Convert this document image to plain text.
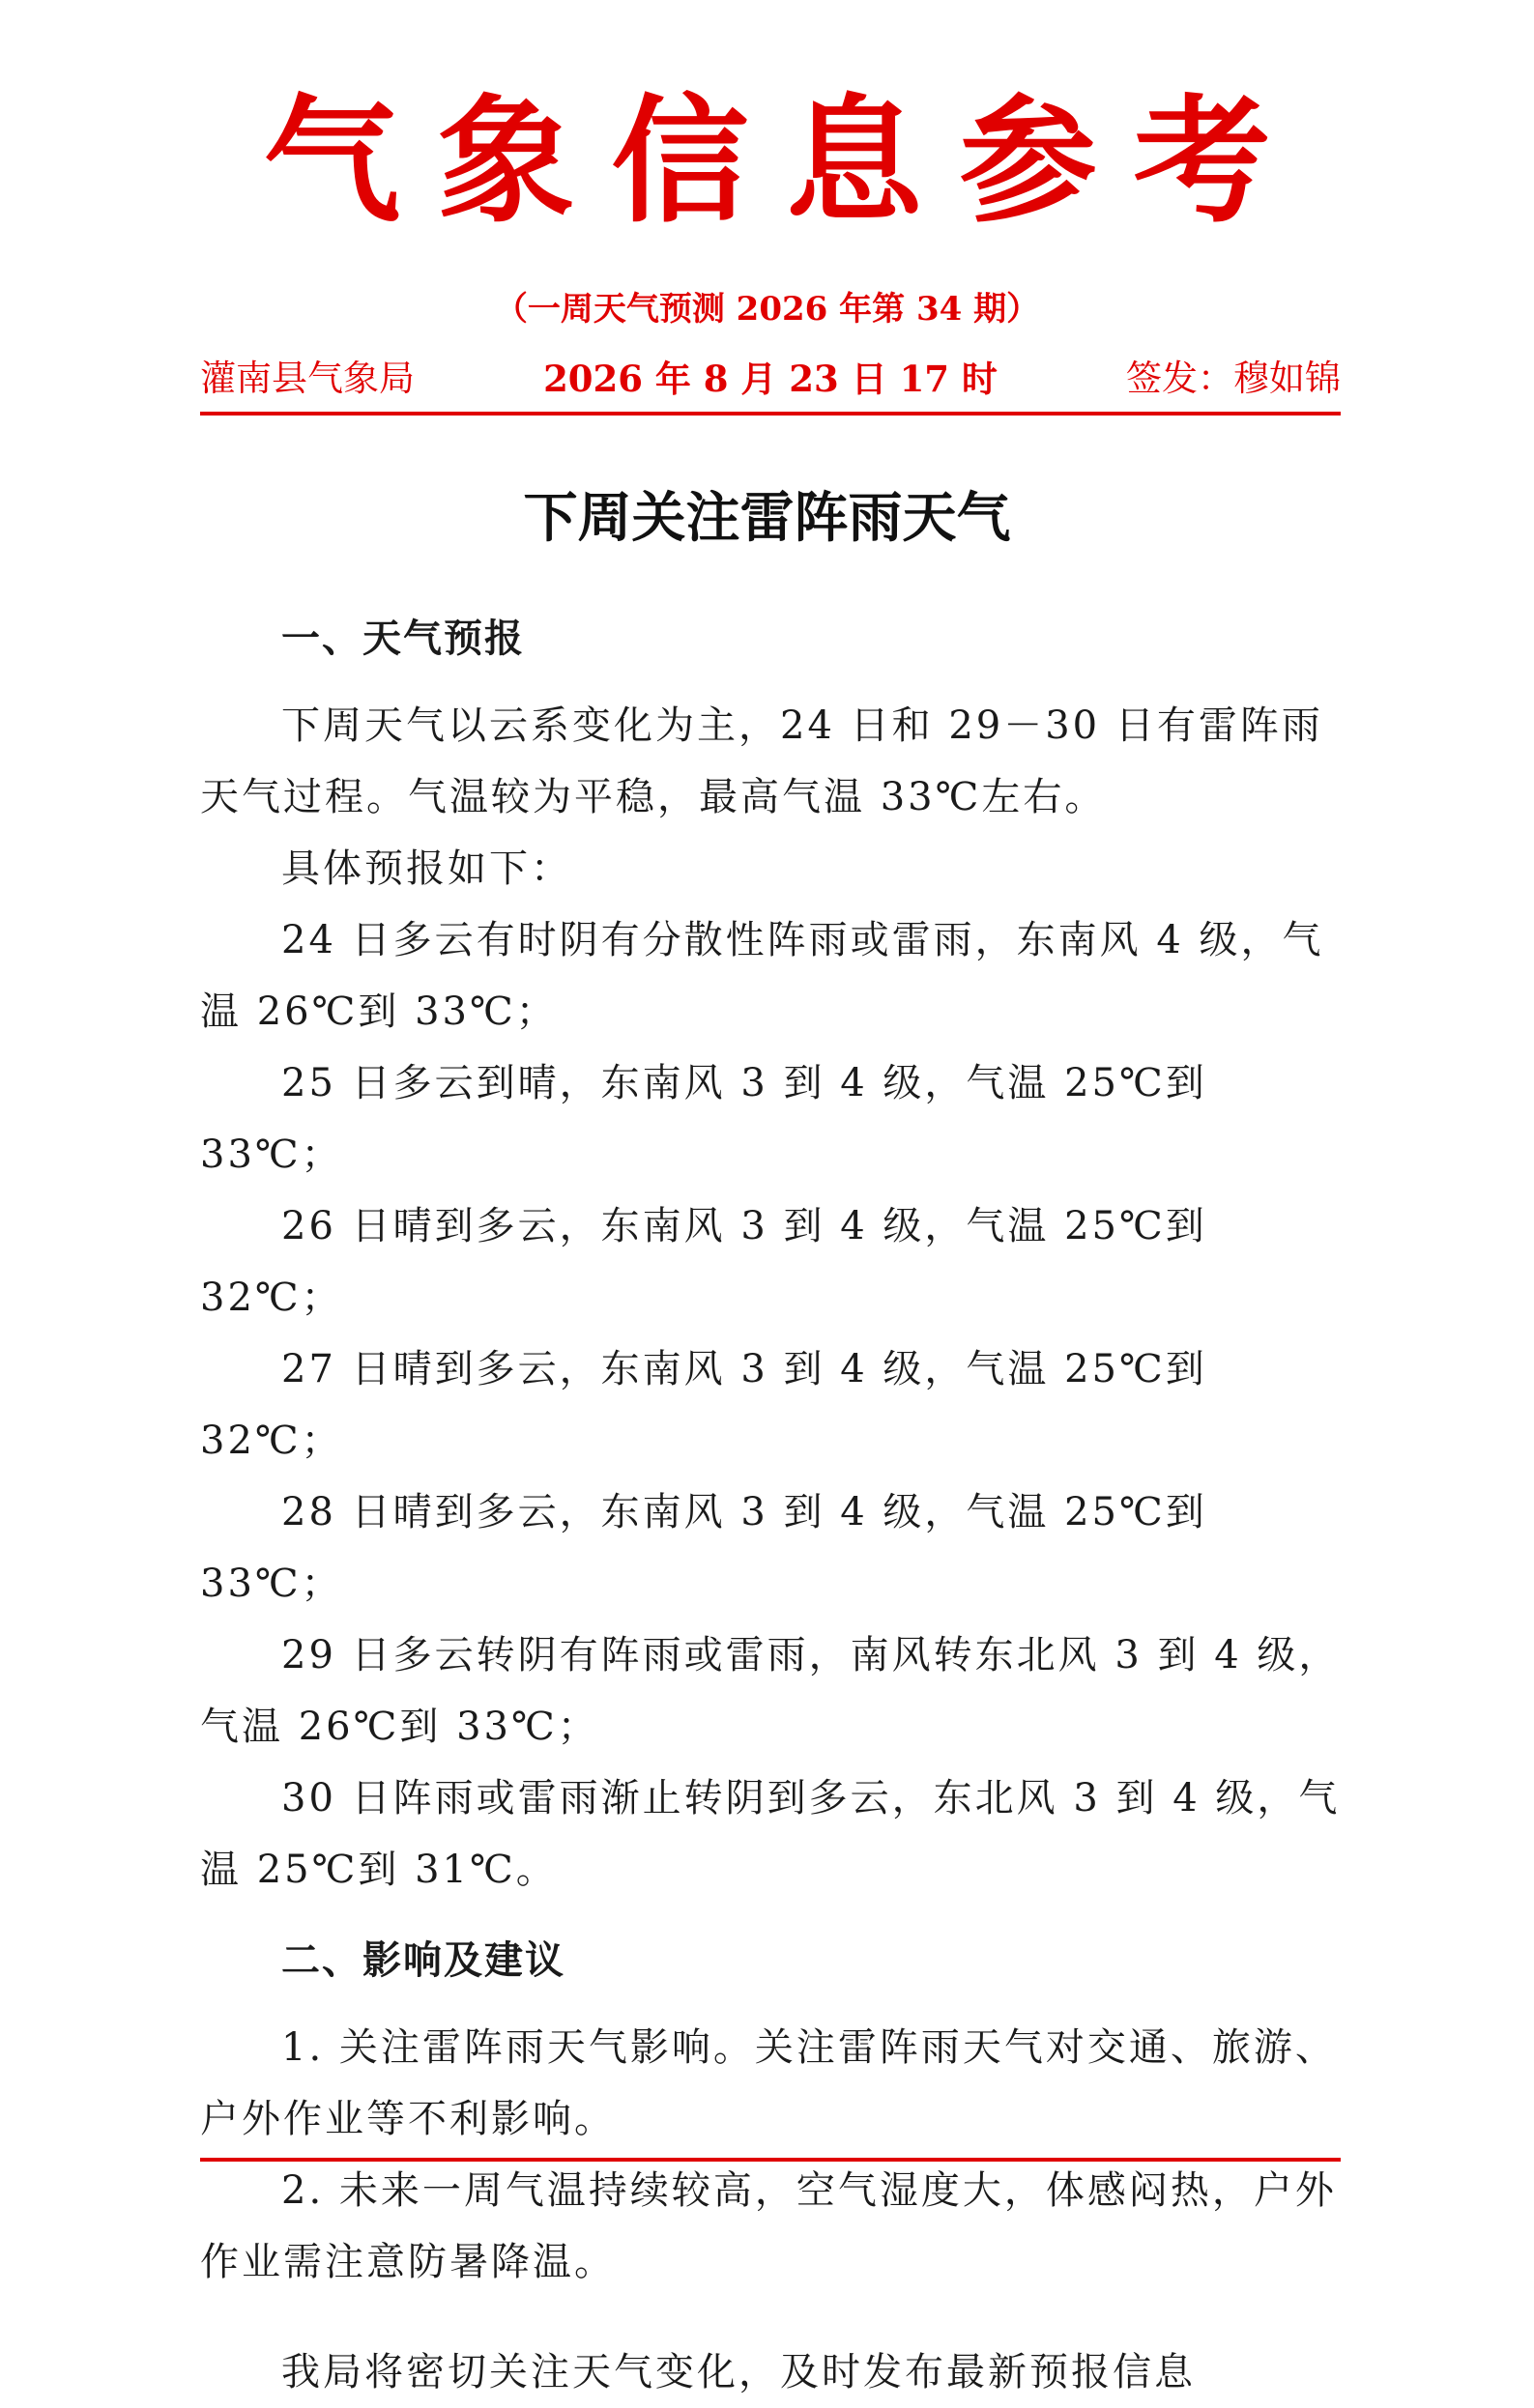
气象信息参考
（一周天气预测 2026 年第 34 期）
灌南县气象局	2026 年 8 月 23 日 17 时	签发：穆如锦
下周关注雷阵雨天气

一、天气预报

下周天气以云系变化为主，24 日和 29－30 日有雷阵雨天气过程。气温较为平稳，最高气温 33℃左右。

具体预报如下：

24 日多云有时阴有分散性阵雨或雷雨，东南风 4 级，气温 26℃到 33℃；

25 日多云到晴，东南风 3 到 4 级，气温 25℃到 33℃；

26 日晴到多云，东南风 3 到 4 级，气温 25℃到 32℃；

27 日晴到多云，东南风 3 到 4 级，气温 25℃到 32℃；

28 日晴到多云，东南风 3 到 4 级，气温 25℃到 33℃；

29 日多云转阴有阵雨或雷雨，南风转东北风 3 到 4 级，气温 26℃到 33℃；

30 日阵雨或雷雨渐止转阴到多云，东北风 3 到 4 级，气温 25℃到 31℃。

二、影响及建议

1. 关注雷阵雨天气影响。关注雷阵雨天气对交通、旅游、户外作业等不利影响。

2. 未来一周气温持续较高，空气湿度大，体感闷热，户外作业需注意防暑降温。

我局将密切关注天气变化，及时发布最新预报信息
